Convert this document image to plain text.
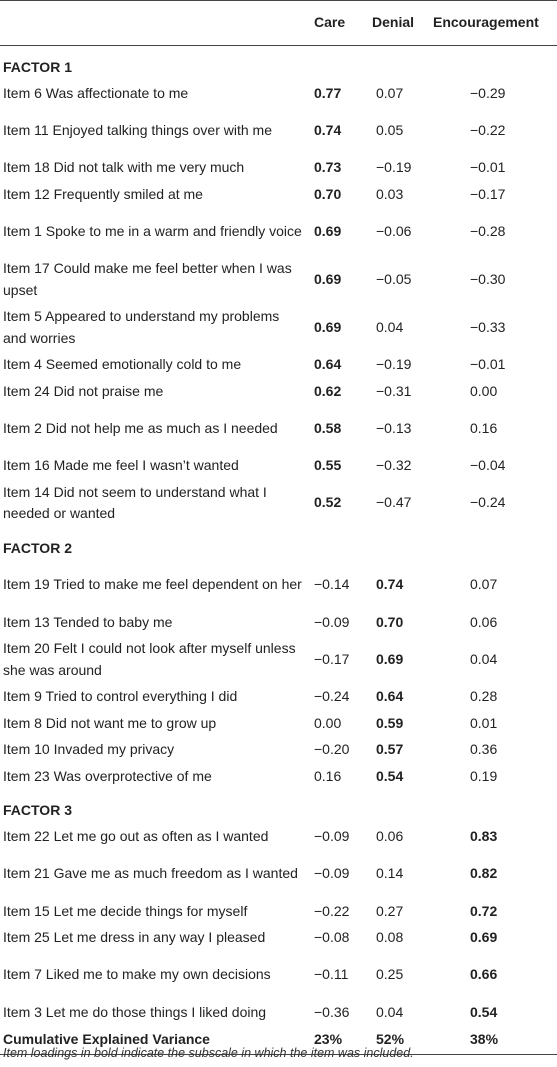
	Care	Denial	Encouragement
FACTOR 1			
Item 6 Was affectionate to me	0.77	0.07	−0.29
Item 11 Enjoyed talking things over with me	0.74	0.05	−0.22
Item 18 Did not talk with me very much	0.73	−0.19	−0.01
Item 12 Frequently smiled at me	0.70	0.03	−0.17
Item 1 Spoke to me in a warm and friendly voice	0.69	−0.06	−0.28
Item 17 Could make me feel better when I was upset	0.69	−0.05	−0.30
Item 5 Appeared to understand my problems and worries	0.69	0.04	−0.33
Item 4 Seemed emotionally cold to me	0.64	−0.19	−0.01
Item 24 Did not praise me	0.62	−0.31	0.00
Item 2 Did not help me as much as I needed	0.58	−0.13	0.16
Item 16 Made me feel I wasn’t wanted	0.55	−0.32	−0.04
Item 14 Did not seem to understand what I needed or wanted	0.52	−0.47	−0.24
FACTOR 2			
Item 19 Tried to make me feel dependent on her	−0.14	0.74	0.07
Item 13 Tended to baby me	−0.09	0.70	0.06
Item 20 Felt I could not look after myself unless she was around	−0.17	0.69	0.04
Item 9 Tried to control everything I did	−0.24	0.64	0.28
Item 8 Did not want me to grow up	0.00	0.59	0.01
Item 10 Invaded my privacy	−0.20	0.57	0.36
Item 23 Was overprotective of me	0.16	0.54	0.19
FACTOR 3			
Item 22 Let me go out as often as I wanted	−0.09	0.06	0.83
Item 21 Gave me as much freedom as I wanted	−0.09	0.14	0.82
Item 15 Let me decide things for myself	−0.22	0.27	0.72
Item 25 Let me dress in any way I pleased	−0.08	0.08	0.69
Item 7 Liked me to make my own decisions	−0.11	0.25	0.66
Item 3 Let me do those things I liked doing	−0.36	0.04	0.54
Cumulative Explained Variance	23%	52%	38%
Item loadings in bold indicate the subscale in which the item was included.
